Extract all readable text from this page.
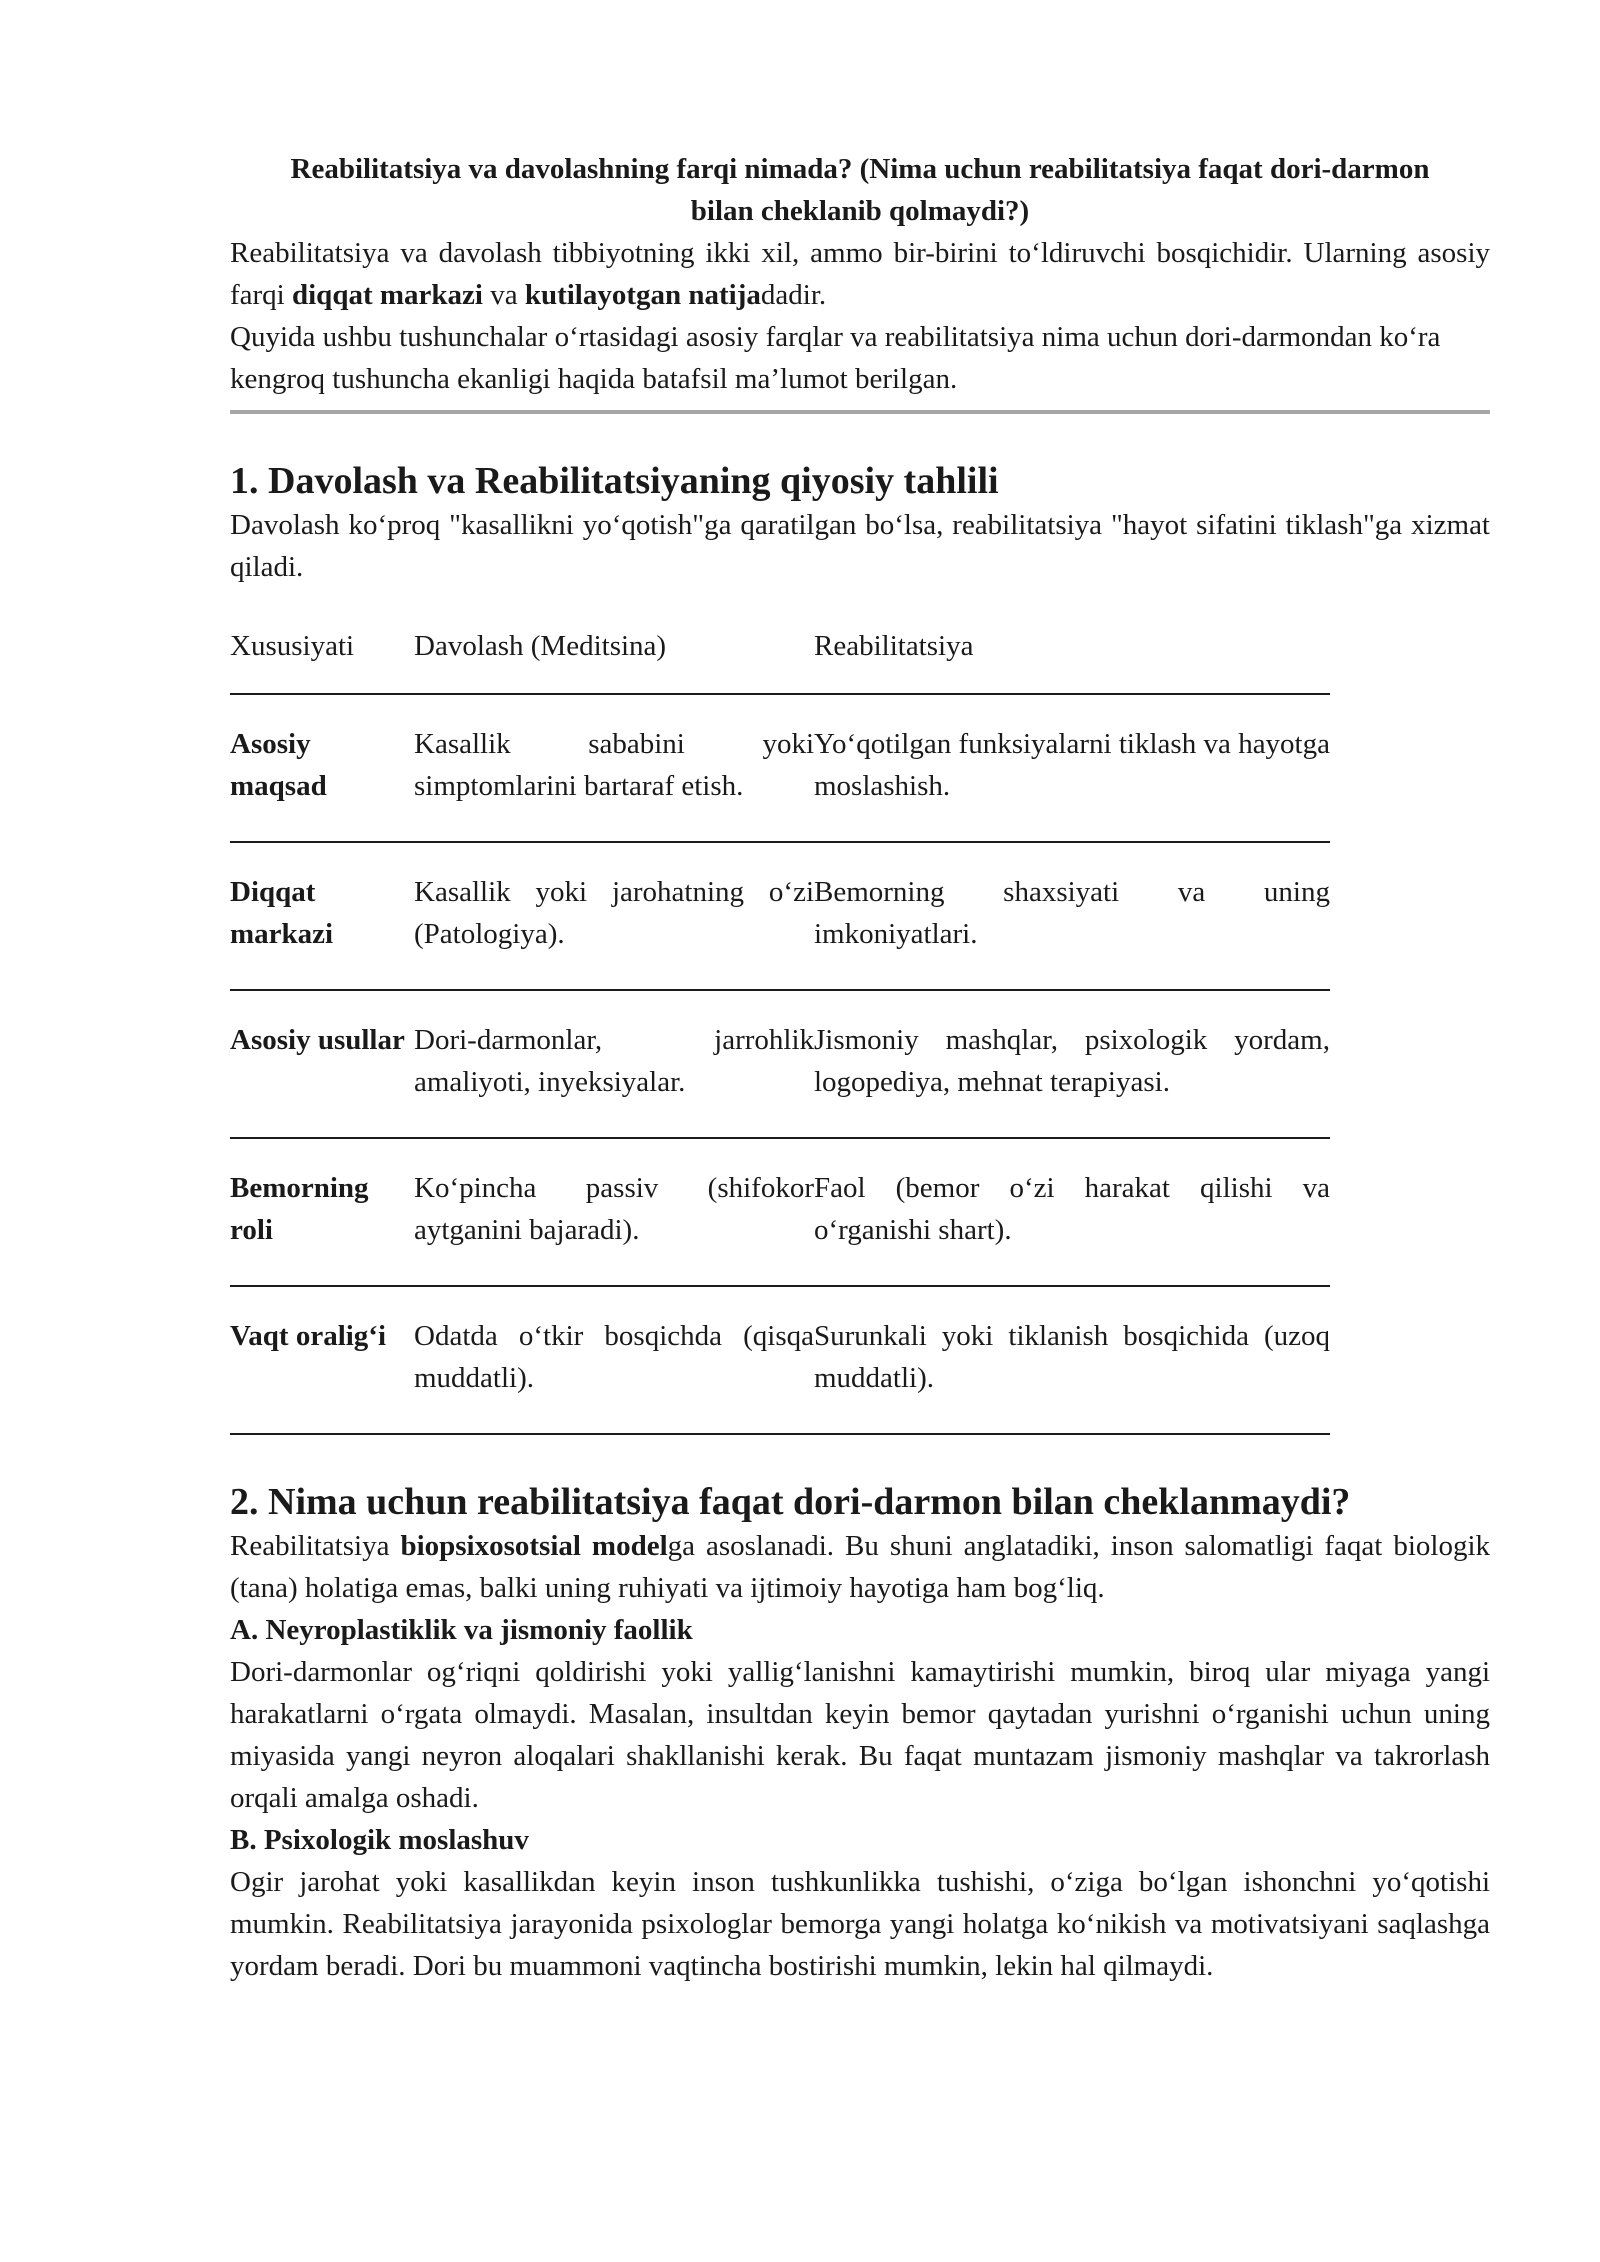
Reabilitatsiya va davolashning farqi nimada? (Nima uchun reabilitatsiya faqat dori-darmon bilan cheklanib qolmaydi?)

Reabilitatsiya va davolash tibbiyotning ikki xil, ammo bir-birini to‘ldiruvchi bosqichidir. Ularning asosiy farqi diqqat markazi va kutilayotgan natijadadir.

Quyida ushbu tushunchalar o‘rtasidagi asosiy farqlar va reabilitatsiya nima uchun dori-darmondan ko‘ra kengroq tushuncha ekanligi haqida batafsil ma’lumot berilgan.

1. Davolash va Reabilitatsiyaning qiyosiy tahlili

Davolash ko‘proq "kasallikni yo‘qotish"ga qaratilgan bo‘lsa, reabilitatsiya "hayot sifatini tiklash"ga xizmat qiladi.

Xususiyati	Davolash (Meditsina)	Reabilitatsiya
Asosiy maqsad	Kasallik sababini yoki simptomlarini bartaraf etish.	Yo‘qotilgan funksiyalarni tiklash va hayotga moslashish.
Diqqat markazi	Kasallik yoki jarohatning o‘zi (Patologiya).	Bemorning shaxsiyati va uning imkoniyatlari.
Asosiy usullar	Dori-darmonlar, jarrohlik amaliyoti, inyeksiyalar.	Jismoniy mashqlar, psixologik yordam, logopediya, mehnat terapiyasi.
Bemorning roli	Ko‘pincha passiv (shifokor aytganini bajaradi).	Faol (bemor o‘zi harakat qilishi va o‘rganishi shart).
Vaqt oralig‘i	Odatda o‘tkir bosqichda (qisqa muddatli).	Surunkali yoki tiklanish bosqichida (uzoq muddatli).
2. Nima uchun reabilitatsiya faqat dori-darmon bilan cheklanmaydi?

Reabilitatsiya biopsixosotsial modelga asoslanadi. Bu shuni anglatadiki, inson salomatligi faqat biologik (tana) holatiga emas, balki uning ruhiyati va ijtimoiy hayotiga ham bog‘liq.

A. Neyroplastiklik va jismoniy faollik

Dori-darmonlar og‘riqni qoldirishi yoki yallig‘lanishni kamaytirishi mumkin, biroq ular miyaga yangi harakatlarni o‘rgata olmaydi. Masalan, insultdan keyin bemor qaytadan yurishni o‘rganishi uchun uning miyasida yangi neyron aloqalari shakllanishi kerak. Bu faqat muntazam jismoniy mashqlar va takrorlash orqali amalga oshadi.

B. Psixologik moslashuv

Ogir jarohat yoki kasallikdan keyin inson tushkunlikka tushishi, o‘ziga bo‘lgan ishonchni yo‘qotishi mumkin. Reabilitatsiya jarayonida psixologlar bemorga yangi holatga ko‘nikish va motivatsiyani saqlashga yordam beradi. Dori bu muammoni vaqtincha bostirishi mumkin, lekin hal qilmaydi.
